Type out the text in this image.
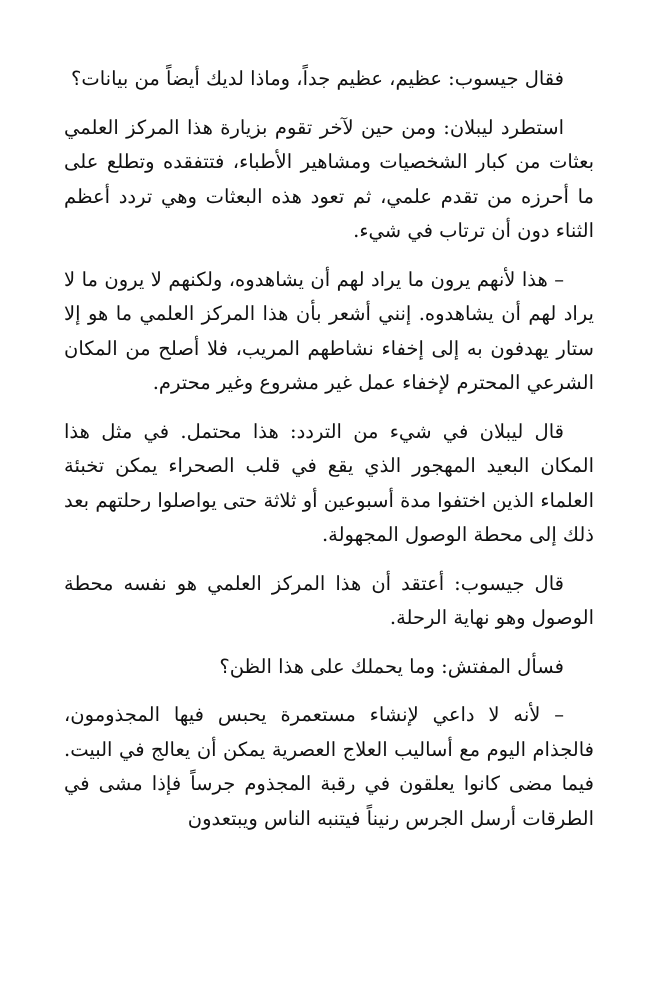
فقال جيسوب: عظيم، عظيم جداً، وماذا لديك أيضاً من بيانات؟

استطرد ليبلان: ومن حين لآخر تقوم بزيارة هذا المركز العلمي بعثات من كبار الشخصيات ومشاهير الأطباء، فتتفقده وتطلع على ما أحرزه من تقدم علمي، ثم تعود هذه البعثات وهي تردد أعظم الثناء دون أن ترتاب في شيء.

– هذا لأنهم يرون ما يراد لهم أن يشاهدوه، ولكنهم لا يرون ما لا يراد لهم أن يشاهدوه. إنني أشعر بأن هذا المركز العلمي ما هو إلا ستار يهدفون به إلى إخفاء نشاطهم المريب، فلا أصلح من المكان الشرعي المحترم لإخفاء عمل غير مشروع وغير محترم.

قال ليبلان في شيء من التردد: هذا محتمل. في مثل هذا المكان البعيد المهجور الذي يقع في قلب الصحراء يمكن تخبئة العلماء الذين اختفوا مدة أسبوعين أو ثلاثة حتى يواصلوا رحلتهم بعد ذلك إلى محطة الوصول المجهولة.

قال جيسوب: أعتقد أن هذا المركز العلمي هو نفسه محطة الوصول وهو نهاية الرحلة.

فسأل المفتش: وما يحملك على هذا الظن؟

– لأنه لا داعي لإنشاء مستعمرة يحبس فيها المجذومون، فالجذام اليوم مع أساليب العلاج العصرية يمكن أن يعالج في البيت. فيما مضى كانوا يعلقون في رقبة المجذوم جرساً فإذا مشى في الطرقات أرسل الجرس رنيناً فيتنبه الناس ويبتعدون
